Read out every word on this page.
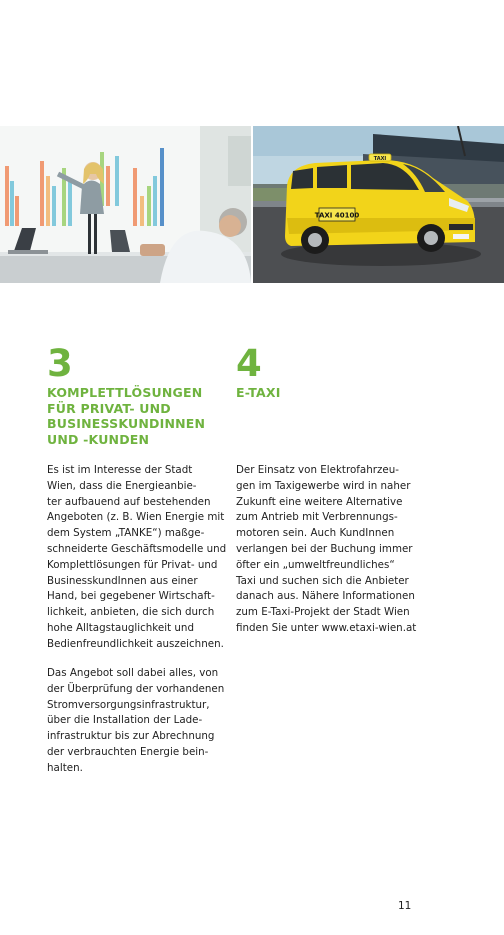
TAXI
TAXI 40100
3
KOMPLETTLÖSUNGEN
FÜR PRIVAT- UND
BUSINESSKUNDINNEN
UND -KUNDEN

Es ist im Interesse der Stadt
Wien, dass die Energieanbie-
ter aufbauend auf bestehenden
Angeboten (z. B. Wien Energie mit
dem System „TANKE“) maßge-
schneiderte Geschäftsmodelle und
Komplettlösungen für Privat- und
BusinesskundInnen aus einer
Hand, bei gegebener Wirtschaft-
lichkeit, anbieten, die sich durch
hohe Alltagstauglichkeit und
Bedienfreundlichkeit auszeichnen.

Das Angebot soll dabei alles, von
der Überprüfung der vorhandenen
Stromversorgungsinfrastruktur,
über die Installation der Lade-
infrastruktur bis zur Abrechnung
der verbrauchten Energie bein-
halten.

4
E-TAXI

Der Einsatz von Elektrofahrzeu-
gen im Taxigewerbe wird in naher
Zukunft eine weitere Alternative
zum Antrieb mit Verbrennungs-
motoren sein. Auch KundInnen
verlangen bei der Buchung immer
öfter ein „umweltfreundliches“
Taxi und suchen sich die Anbieter
danach aus. Nähere Informationen
zum E-Taxi-Projekt der Stadt Wien
finden Sie unter www.etaxi-wien.at

11
